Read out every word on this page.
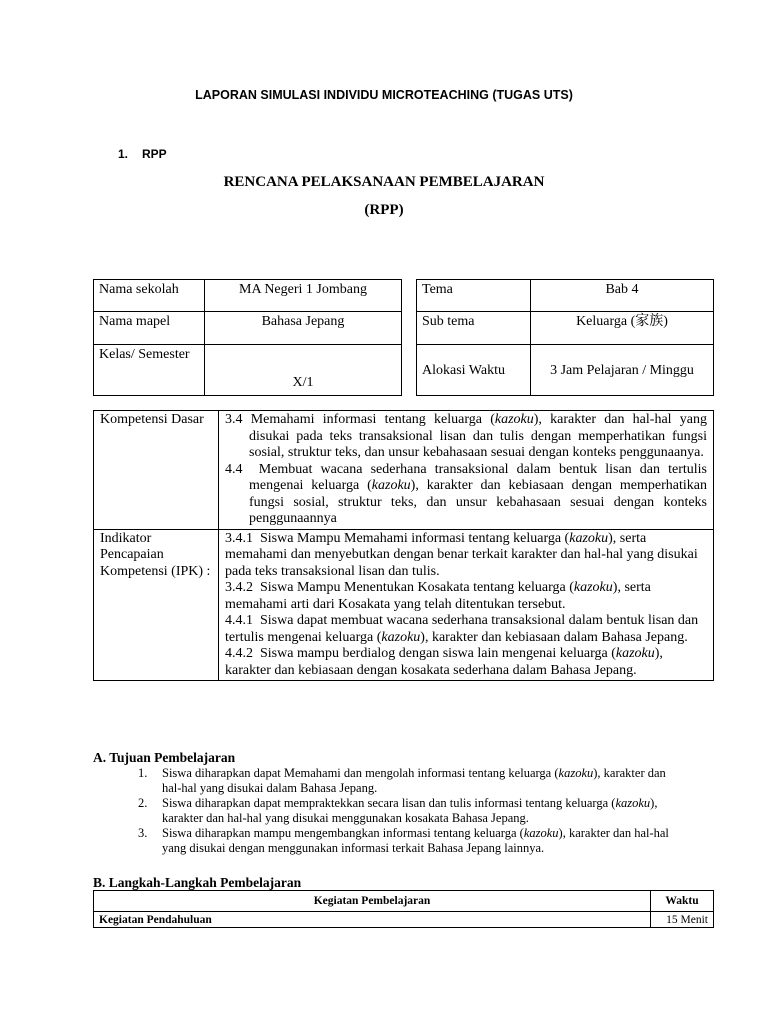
LAPORAN SIMULASI INDIVIDU MICROTEACHING (TUGAS UTS)
1. RPP
RENCANA PELAKSANAAN PEMBELAJARAN
(RPP)
Nama sekolah	MA Negeri 1 Jombang
Nama mapel	Bahasa Jepang
Kelas/ Semester	X/1
Tema	Bab 4
Sub tema	Keluarga (家族)
Alokasi Waktu	3 Jam Pelajaran / Minggu
Kompetensi Dasar	3.4 Memahami informasi tentang keluarga (kazoku), karakter dan hal-hal yang disukai pada teks transaksional lisan dan tulis dengan memperhatikan fungsi sosial, struktur teks, dan unsur kebahasaan sesuai dengan konteks penggunaanya.
4.4 Membuat wacana sederhana transaksional dalam bentuk lisan dan tertulis mengenai keluarga (kazoku), karakter dan kebiasaan dengan memperhatikan fungsi sosial, struktur teks, dan unsur kebahasaan sesuai dengan konteks penggunaannya

Indikator Pencapaian Kompetensi (IPK) :	3.4.1 Siswa Mampu Memahami informasi tentang keluarga (kazoku), serta memahami dan menyebutkan dengan benar terkait karakter dan hal-hal yang disukai pada teks transaksional lisan dan tulis.

3.4.2 Siswa Mampu Menentukan Kosakata tentang keluarga (kazoku), serta memahami arti dari Kosakata yang telah ditentukan tersebut.

4.4.1 Siswa dapat membuat wacana sederhana transaksional dalam bentuk lisan dan tertulis mengenai keluarga (kazoku), karakter dan kebiasaan dalam Bahasa Jepang.

4.4.2 Siswa mampu berdialog dengan siswa lain mengenai keluarga (kazoku), karakter dan kebiasaan dengan kosakata sederhana dalam Bahasa Jepang.

A. Tujuan Pembelajaran
1. Siswa diharapkan dapat Memahami dan mengolah informasi tentang keluarga (kazoku), karakter dan hal-hal yang disukai dalam Bahasa Jepang.
2. Siswa diharapkan dapat mempraktekkan secara lisan dan tulis informasi tentang keluarga (kazoku), karakter dan hal-hal yang disukai menggunakan kosakata Bahasa Jepang.
3. Siswa diharapkan mampu mengembangkan informasi tentang keluarga (kazoku), karakter dan hal-hal yang disukai dengan menggunakan informasi terkait Bahasa Jepang lainnya.
B. Langkah-Langkah Pembelajaran
Kegiatan Pembelajaran	Waktu
Kegiatan Pendahuluan	15 Menit
